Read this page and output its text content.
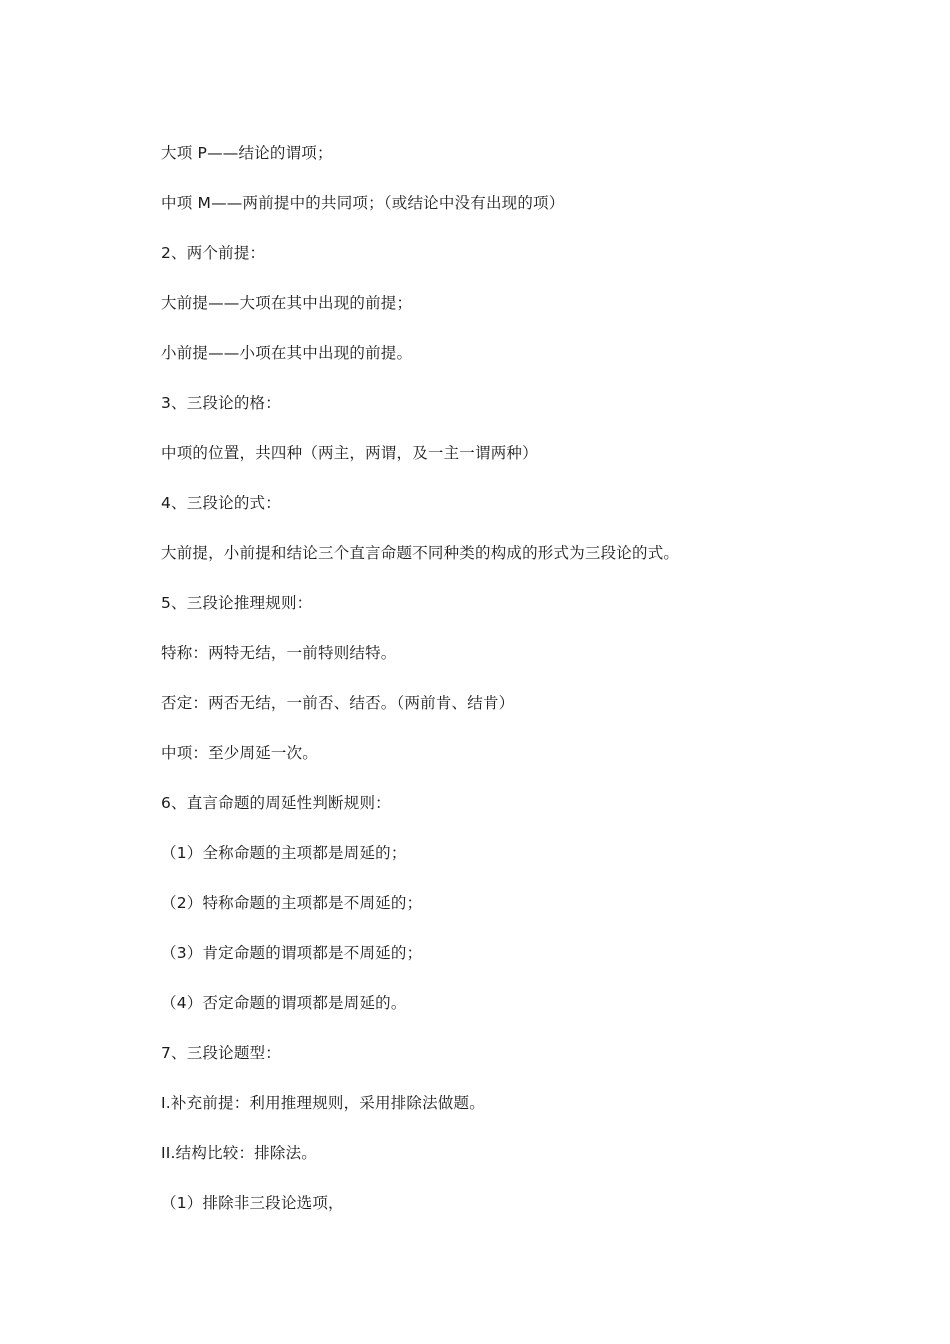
大项 P——结论的谓项；
中项 M——两前提中的共同项；（或结论中没有出现的项）
2、两个前提：
大前提——大项在其中出现的前提；
小前提——小项在其中出现的前提。
3、三段论的格：
中项的位置，共四种（两主，两谓，及一主一谓两种）
4、三段论的式：
大前提，小前提和结论三个直言命题不同种类的构成的形式为三段论的式。
5、三段论推理规则：
特称：两特无结，一前特则结特。
否定：两否无结，一前否、结否。（两前肯、结肯）
中项：至少周延一次。
6、直言命题的周延性判断规则：
（1）全称命题的主项都是周延的；
（2）特称命题的主项都是不周延的；
（3）肯定命题的谓项都是不周延的；
（4）否定命题的谓项都是周延的。
7、三段论题型：
I.补充前提：利用推理规则，采用排除法做题。
II.结构比较：排除法。
（1）排除非三段论选项，
